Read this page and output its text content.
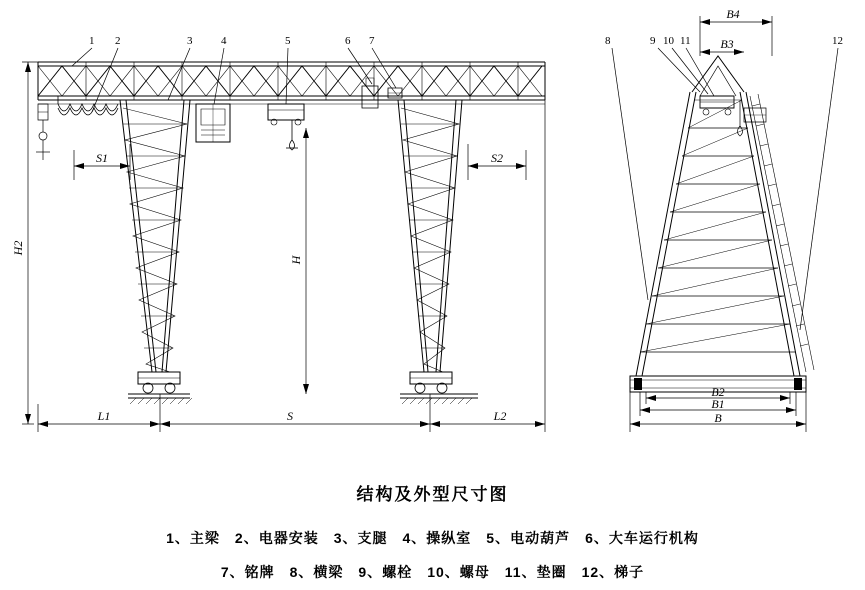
1 2	3	4	5	6 7	8	9 10 11	12
H2
H
S1	S2
L1	S	L2
B4
B3
B2
B1
B
结构及外型尺寸图
1、主梁　2、电器安装　3、支腿　4、操纵室　5、电动葫芦　6、大车运行机构
7、铭牌　8、横梁　9、螺栓　10、螺母　11、垫圈　12、梯子
